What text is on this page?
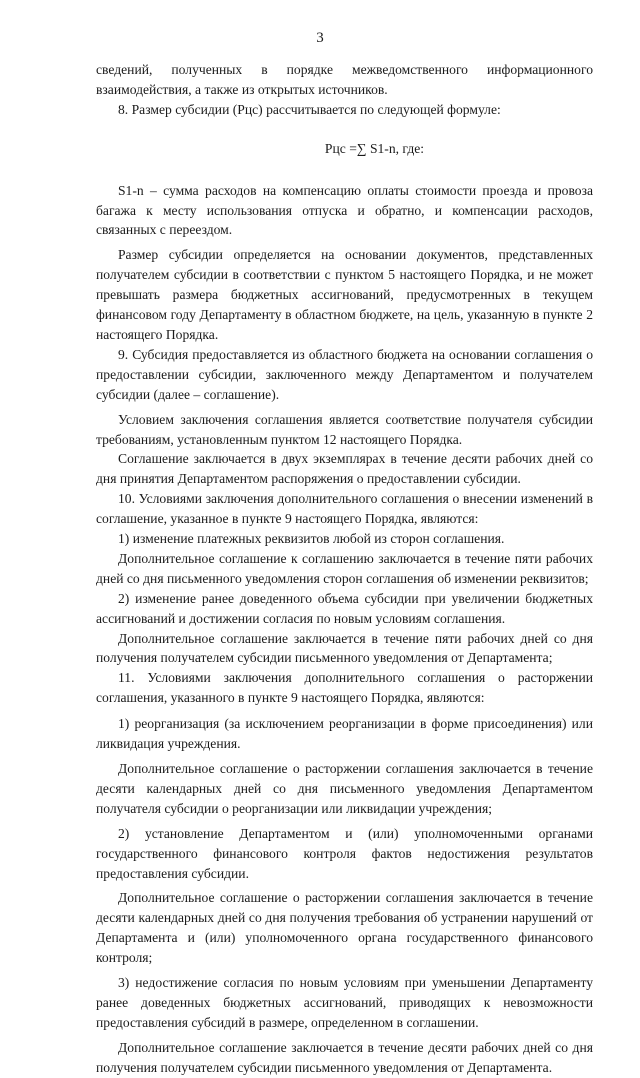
3

сведений, полученных в порядке межведомственного информационного взаимодействия, а также из открытых источников.

8. Размер субсидии (Pцс) рассчитывается по следующей формуле:

Pцс =∑ S1-n, где:

S1-n – сумма расходов на компенсацию оплаты стоимости проезда и провоза багажа к месту использования отпуска и обратно, и компенсации расходов, связанных с переездом.

Размер субсидии определяется на основании документов, представленных получателем субсидии в соответствии с пунктом 5 настоящего Порядка, и не может превышать размера бюджетных ассигнований, предусмотренных в текущем финансовом году Департаменту в областном бюджете, на цель, указанную в пункте 2 настоящего Порядка.

9. Субсидия предоставляется из областного бюджета на основании соглашения о предоставлении субсидии, заключенного между Департаментом и получателем субсидии (далее – соглашение).

Условием заключения соглашения является соответствие получателя субсидии требованиям, установленным пунктом 12 настоящего Порядка.

Соглашение заключается в двух экземплярах в течение десяти рабочих дней со дня принятия Департаментом распоряжения о предоставлении субсидии.

10. Условиями заключения дополнительного соглашения о внесении изменений в соглашение, указанное в пункте 9 настоящего Порядка, являются:

1) изменение платежных реквизитов любой из сторон соглашения.

Дополнительное соглашение к соглашению заключается в течение пяти рабочих дней со дня письменного уведомления сторон соглашения об изменении реквизитов;

2) изменение ранее доведенного объема субсидии при увеличении бюджетных ассигнований и достижении согласия по новым условиям соглашения.

Дополнительное соглашение заключается в течение пяти рабочих дней со дня получения получателем субсидии письменного уведомления от Департамента;

11. Условиями заключения дополнительного соглашения о расторжении соглашения, указанного в пункте 9 настоящего Порядка, являются:

1) реорганизация (за исключением реорганизации в форме присоединения) или ликвидация учреждения.

Дополнительное соглашение о расторжении соглашения заключается в течение десяти календарных дней со дня письменного уведомления Департаментом получателя субсидии о реорганизации или ликвидации учреждения;

2) установление Департаментом и (или) уполномоченными органами государственного финансового контроля фактов недостижения результатов предоставления субсидии.

Дополнительное соглашение о расторжении соглашения заключается в течение десяти календарных дней со дня получения требования об устранении нарушений от Департамента и (или) уполномоченного органа государственного финансового контроля;

3) недостижение согласия по новым условиям при уменьшении Департаменту ранее доведенных бюджетных ассигнований, приводящих к невозможности предоставления субсидий в размере, определенном в соглашении.

Дополнительное соглашение заключается в течение десяти рабочих дней со дня получения получателем субсидии письменного уведомления от Департамента.
